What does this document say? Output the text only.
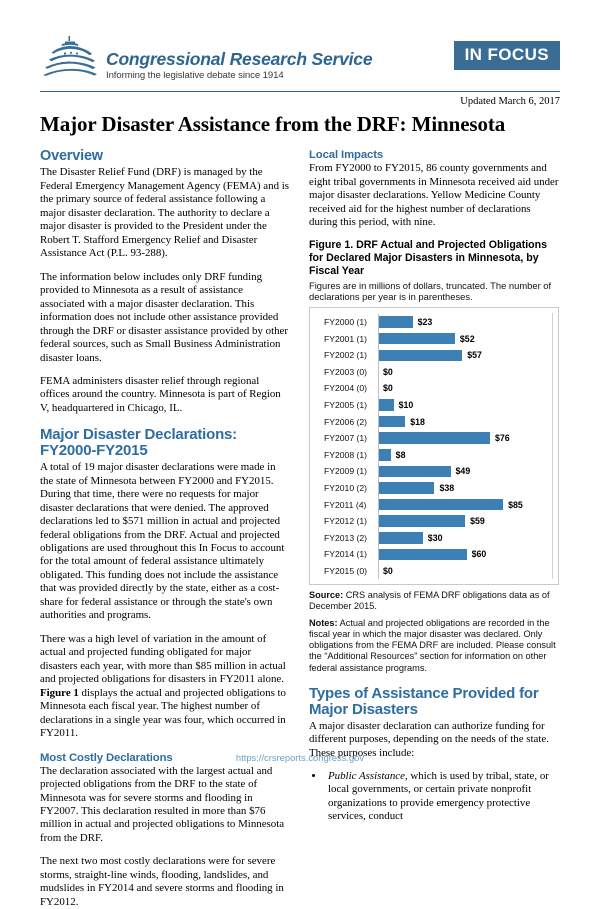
Congressional Research Service
Informing the legislative debate since 1914
IN FOCUS
Updated March 6, 2017
Major Disaster Assistance from the DRF: Minnesota
Overview

The Disaster Relief Fund (DRF) is managed by the Federal Emergency Management Agency (FEMA) and is the primary source of federal assistance following a major disaster declaration. The authority to declare a major disaster is provided to the President under the Robert T. Stafford Emergency Relief and Disaster Assistance Act (P.L. 93-288).

The information below includes only DRF funding provided to Minnesota as a result of assistance associated with a major disaster declaration. This information does not include other assistance provided through the DRF or disaster assistance provided by other federal sources, such as Small Business Administration disaster loans.

FEMA administers disaster relief through regional offices around the country. Minnesota is part of Region V, headquartered in Chicago, IL.

Major Disaster Declarations: FY2000-FY2015

A total of 19 major disaster declarations were made in the state of Minnesota between FY2000 and FY2015. During that time, there were no requests for major disaster declarations that were denied. The approved declarations led to $571 million in actual and projected federal obligations from the DRF. Actual and projected obligations are used throughout this In Focus to account for the total amount of federal assistance ultimately obligated. This funding does not include the assistance that was provided directly by the state, either as a cost-share for federal assistance or through the state's own authorities and programs.

There was a high level of variation in the amount of actual and projected funding obligated for major disasters each year, with more than $85 million in actual and projected obligations for disasters in FY2011 alone. Figure 1 displays the actual and projected obligations to Minnesota each fiscal year. The highest number of declarations in a single year was four, which occurred in FY2011.

Most Costly Declarations

The declaration associated with the largest actual and projected obligations from the DRF to the state of Minnesota was for severe storms and flooding in FY2007. This declaration resulted in more than $76 million in actual and projected obligations to Minnesota from the DRF.

The next two most costly declarations were for severe storms, straight-line winds, flooding, landslides, and mudslides in FY2014 and severe storms and flooding in FY2012.

Local Impacts

From FY2000 to FY2015, 86 county governments and eight tribal governments in Minnesota received aid under major disaster declarations. Yellow Medicine County received aid for the highest number of declarations during this period, with nine.

Figure 1. DRF Actual and Projected Obligations for Declared Major Disasters in Minnesota, by Fiscal Year
Figures are in millions of dollars, truncated. The number of declarations per year is in parentheses.
FY2000 (1)	$23
FY2001 (1)	$52
FY2002 (1)	$57
FY2003 (0)	$0
FY2004 (0)	$0
FY2005 (1)	$10
FY2006 (2)	$18
FY2007 (1)	$76
FY2008 (1)	$8
FY2009 (1)	$49
FY2010 (2)	$38
FY2011 (4)	$85
FY2012 (1)	$59
FY2013 (2)	$30
FY2014 (1)	$60
FY2015 (0)	$0

Source: CRS analysis of FEMA DRF obligations data as of December 2015.

Notes: Actual and projected obligations are recorded in the fiscal year in which the major disaster was declared. Only obligations from the FEMA DRF are included. Please consult the “Additional Resources” section for information on other federal assistance programs.

Types of Assistance Provided for Major Disasters

A major disaster declaration can authorize funding for different purposes, depending on the needs of the state. These purposes include:

• Public Assistance, which is used by tribal, state, or local governments, or certain private nonprofit organizations to provide emergency protective services, conduct
https://crsreports.congress.gov
